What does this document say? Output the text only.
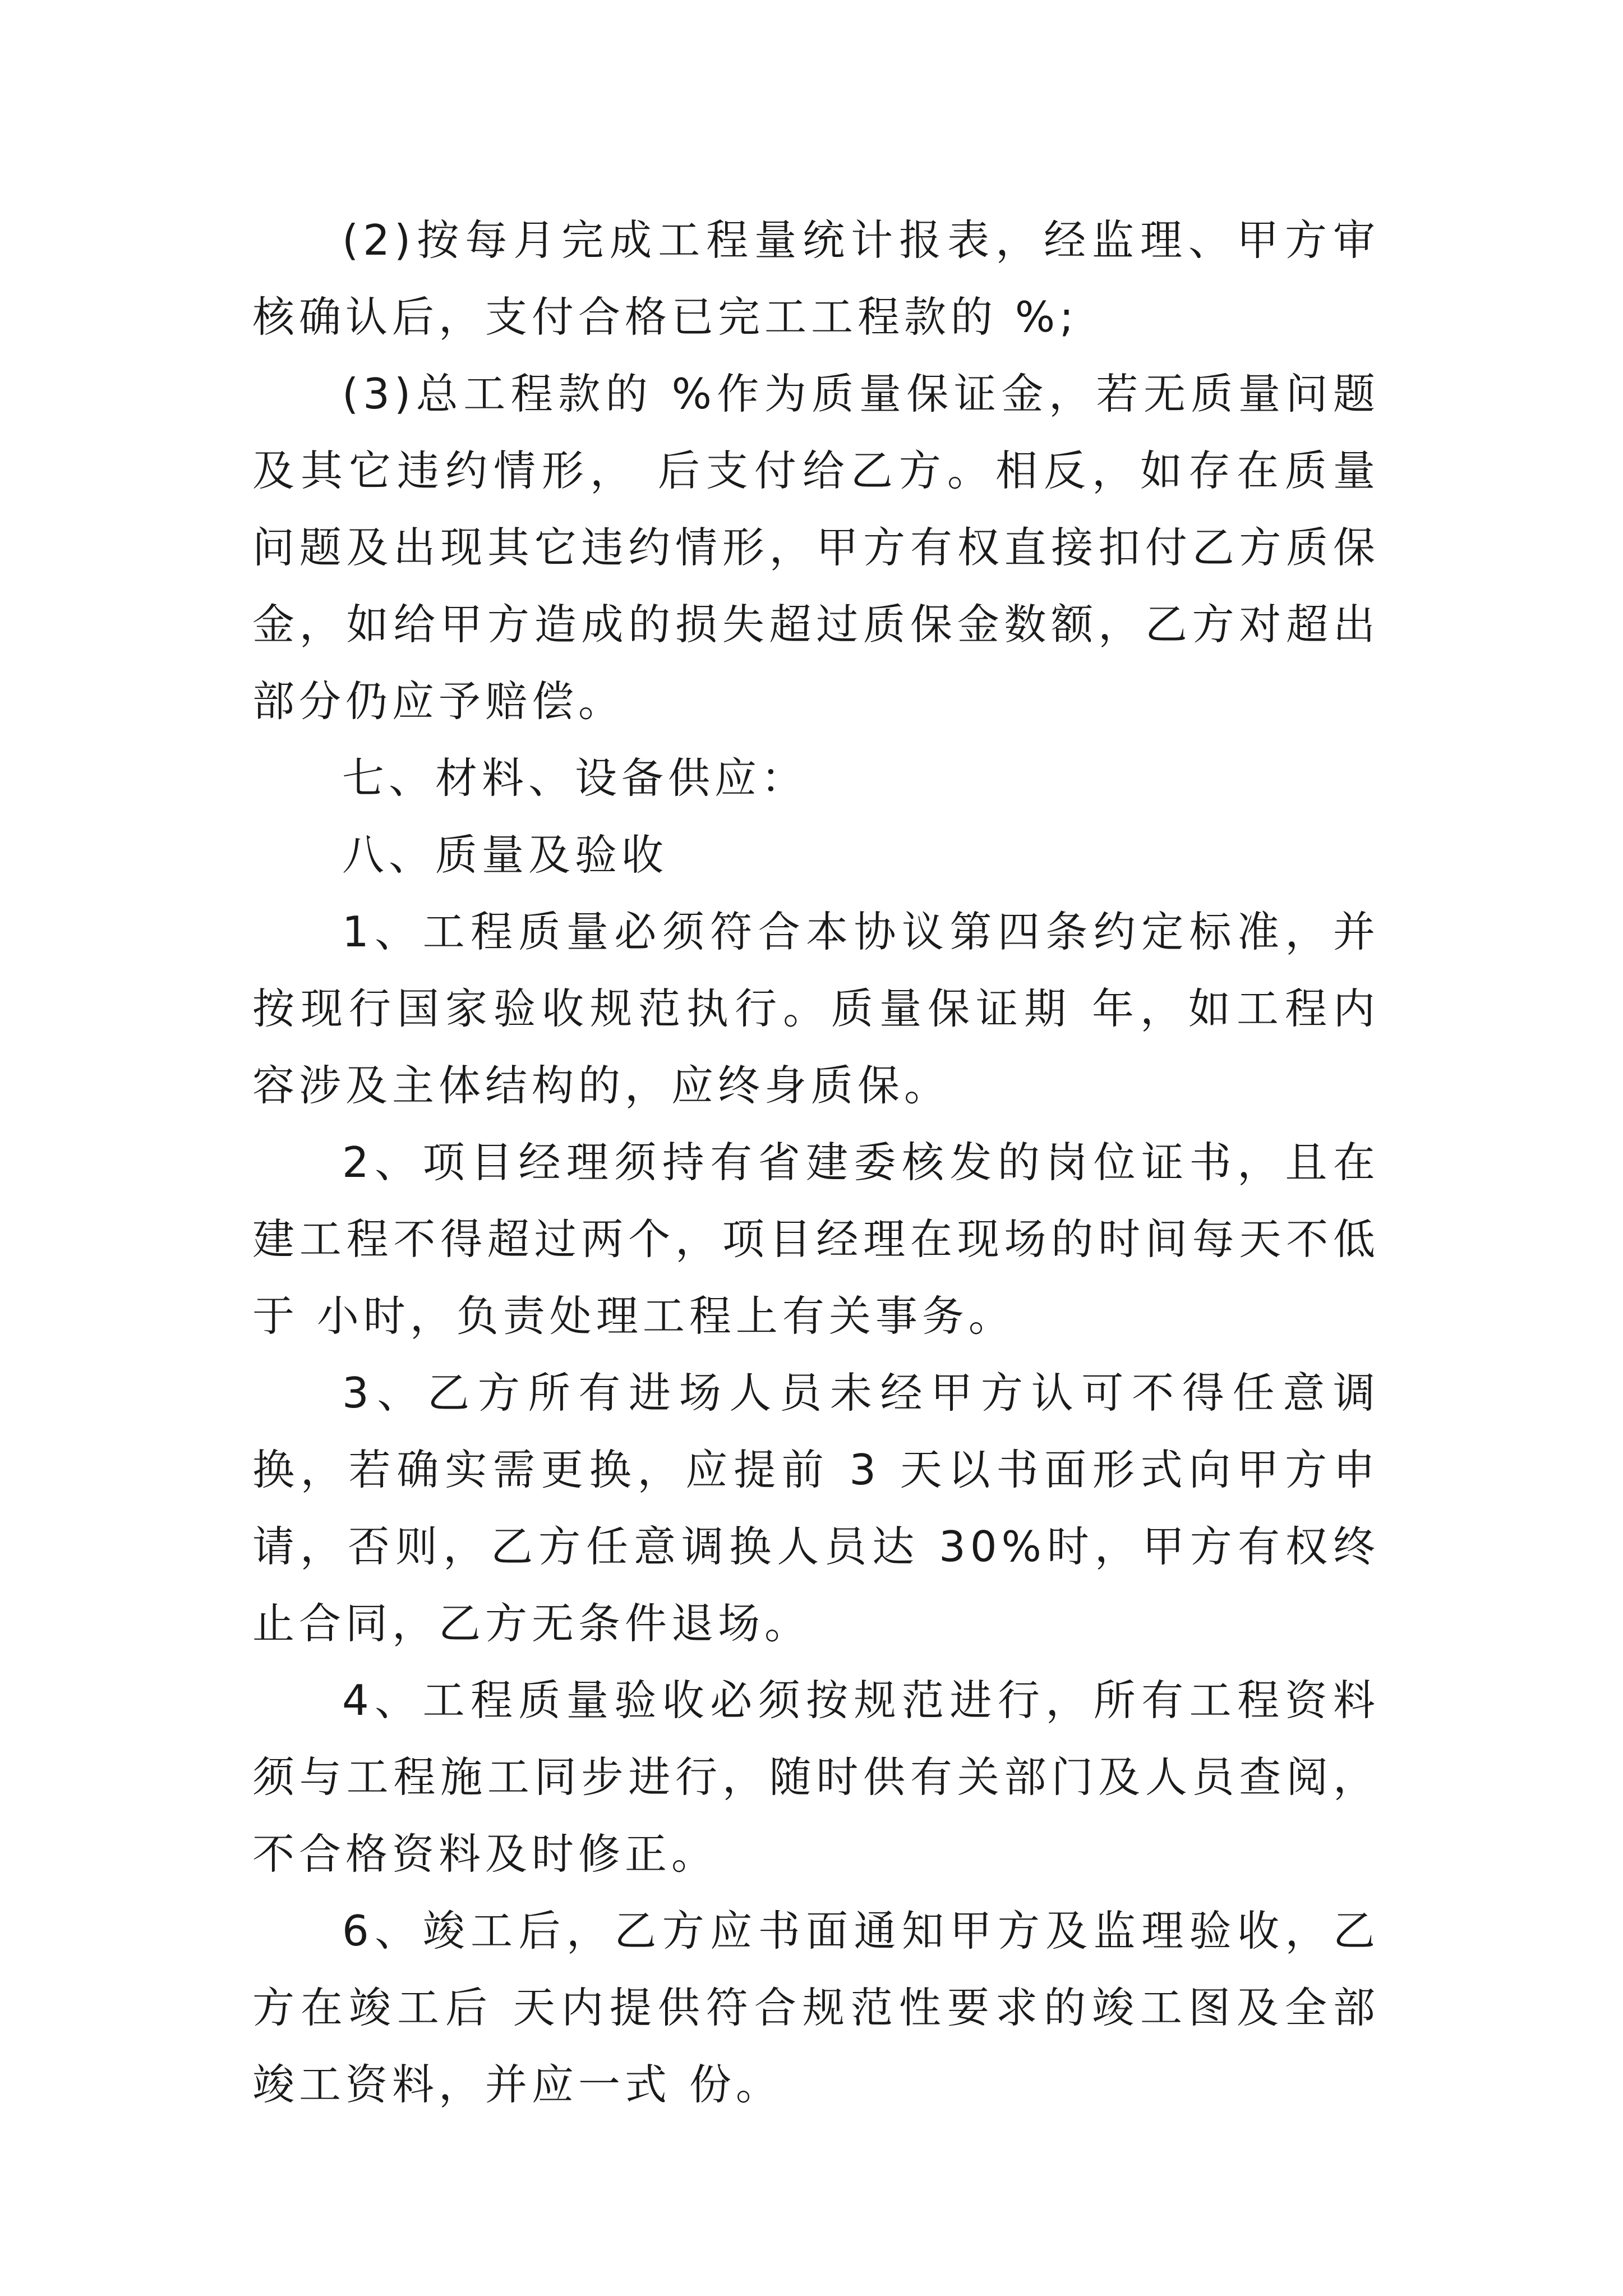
(2)按每月完成工程量统计报表，经监理、甲方审核确认后，支付合格已完工工程款的 %;

(3)总工程款的 %作为质量保证金，若无质量问题及其它违约情形， 后支付给乙方。相反，如存在质量问题及出现其它违约情形，甲方有权直接扣付乙方质保金，如给甲方造成的损失超过质保金数额，乙方对超出部分仍应予赔偿。

七、材料、设备供应：

八、质量及验收

1、工程质量必须符合本协议第四条约定标准，并按现行国家验收规范执行。质量保证期 年，如工程内容涉及主体结构的，应终身质保。

2、项目经理须持有省建委核发的岗位证书，且在建工程不得超过两个，项目经理在现场的时间每天不低于 小时，负责处理工程上有关事务。

3、乙方所有进场人员未经甲方认可不得任意调换，若确实需更换，应提前 3 天以书面形式向甲方申请，否则，乙方任意调换人员达 30%时，甲方有权终止合同，乙方无条件退场。

4、工程质量验收必须按规范进行，所有工程资料须与工程施工同步进行，随时供有关部门及人员查阅，不合格资料及时修正。

6、竣工后，乙方应书面通知甲方及监理验收，乙方在竣工后 天内提供符合规范性要求的竣工图及全部竣工资料，并应一式 份。
